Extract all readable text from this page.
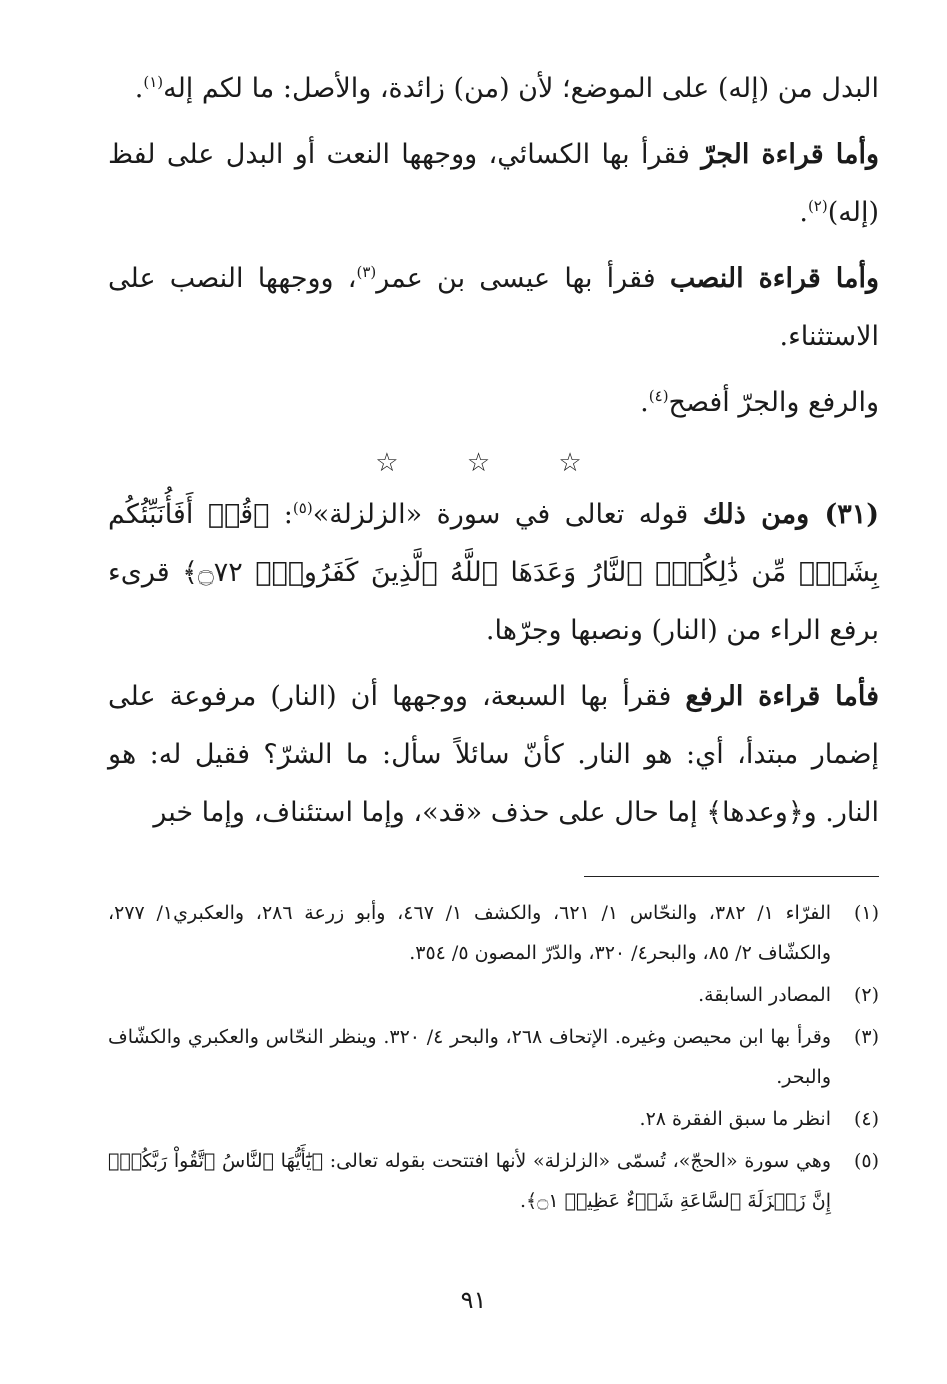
البدل من (إله) على الموضع؛ لأن (من) زائدة، والأصل: ما لكم إله$^{(١)}$.

وأما قراءة الجرّ فقرأ بها الكسائي، ووجهها النعت أو البدل على لفظ (إله)$^{(٢)}$.

وأما قراءة النصب فقرأ بها عيسى بن عمر$^{(٣)}$، ووجهها النصب على الاستثناء.

والرفع والجرّ أفصح$^{(٤)}$.

☆ ☆ ☆

(٣١) ومن ذلك قوله تعالى في سورة «الزلزلة»$^{(٥)}$: ﴿قُلۡ أَفَأُنَبِّئُكُم بِشَرّٖ مِّن ذَٰلِكُمُۗ ٱلنَّارُ وَعَدَهَا ٱللَّهُ ٱلَّذِينَ كَفَرُواْۖ ۝٧٢﴾ قرىء برفع الراء من (النار) ونصبها وجرّها.

فأما قراءة الرفع فقرأ بها السبعة، ووجهها أن (النار) مرفوعة على إضمار مبتدأ، أي: هو النار. كأنّ سائلاً سأل: ما الشرّ؟ فقيل له: هو النار. و﴿وعدها﴾ إما حال على حذف «قد»، وإما استئناف، وإما خبر

(١)
الفرّاء ١/ ٣٨٢، والنحّاس ١/ ٦٢١، والكشف ١/ ٤٦٧، وأبو زرعة ٢٨٦، والعكبري١/ ٢٧٧، والكشّاف ٢/ ٨٥، والبحر٤/ ٣٢٠، والدّرّ المصون ٥/ ٣٥٤.
(٢)
المصادر السابقة.
(٣)
وقرأ بها ابن محيصن وغيره. الإتحاف ٢٦٨، والبحر ٤/ ٣٢٠. وينظر النحّاس والعكبري والكشّاف والبحر.
(٤)
انظر ما سبق الفقرة ٢٨.
(٥)
وهي سورة «الحجّ»، تُسمّى «الزلزلة» لأنها افتتحت بقوله تعالى: ﴿يَٰٓأَيُّهَا ٱلنَّاسُ ٱتَّقُواْ رَبَّكُمۡۚ إِنَّ زَلۡزَلَةَ ٱلسَّاعَةِ شَيۡءٌ عَظِيمٞ ۝١﴾.
٩١
